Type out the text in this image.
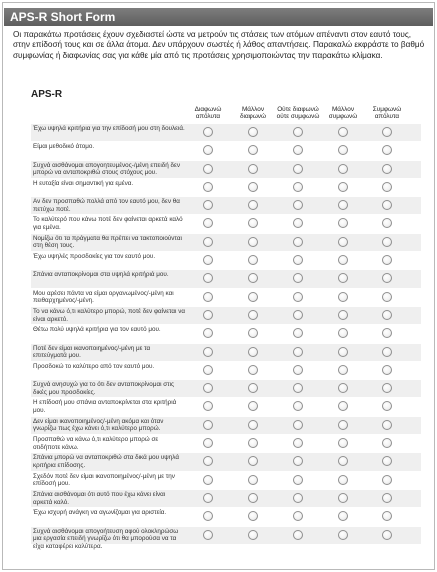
APS-R Short Form
Οι παρακάτω προτάσεις έχουν σχεδιαστεί ώστε να μετρούν τις στάσεις των ατόμων απέναντι στον εαυτό τους, στην επίδοσή τους και σε άλλα άτομα. Δεν υπάρχουν σωστές ή λάθος απαντήσεις. Παρακαλώ εκφράστε το βαθμό συμφωνίας ή διαφωνίας σας για κάθε μία από τις προτάσεις χρησιμοποιώντας την παρακάτω κλίμακα.
APS-R
Διαφωνώ απόλυτα
Μάλλον διαφωνώ
Ούτε διαφωνώ ούτε συμφωνώ
Μάλλον συμφωνώ
Συμφωνώ απόλυτα
Έχω υψηλά κριτήρια για την επίδοσή μου στη δουλειά.
Είμαι μεθοδικό άτομο.
Συχνά αισθάνομαι απογοητευμένος-/μένη επειδή δεν μπορώ να ανταποκριθώ στους στόχους μου.
Η ευταξία είναι σημαντική για εμένα.
Αν δεν προσπαθώ πολλά από τον εαυτό μου, δεν θα πετύχω ποτέ.
Το καλύτερό που κάνω ποτέ δεν φαίνεται αρκετά καλό για εμένα.
Νομίζω ότι τα πράγματα θα πρέπει να τακτοποιούνται στη θέση τους.
Έχω υψηλές προσδοκίες για τον εαυτό μου.
Σπάνια ανταποκρίνομαι στα υψηλά κριτήριά μου.
Μου αρέσει πάντα να είμαι οργανωμένος/-μένη και πειθαρχημένος/-μένη.
Το να κάνω ό,τι καλύτερο μπορώ, ποτέ δεν φαίνεται να είναι αρκετό.
Θέτω πολύ υψηλά κριτήρια για τον εαυτό μου.
Ποτέ δεν είμαι ικανοποιημένος/-μένη με τα επιτεύγματά μου.
Προσδοκώ το καλύτερο από τον εαυτό μου.
Συχνά ανησυχώ για το ότι δεν ανταποκρίνομαι στις δικές μου προσδοκίες.
Η επίδοσή μου σπάνια ανταποκρίνεται στα κριτήριά μου.
Δεν είμαι ικανοποιημένος/-μένη ακόμα και όταν γνωρίζω πως έχω κάνει ό,τι καλύτερο μπορώ.
Προσπαθώ να κάνω ό,τι καλύτερο μπορώ σε οτιδήποτε κάνω.
Σπάνια μπορώ να ανταποκριθώ στα δικά μου υψηλά κριτήρια επίδοσης.
Σχεδόν ποτέ δεν είμαι ικανοποιημένος/-μένη με την επίδοσή μου.
Σπάνια αισθάνομαι ότι αυτό που έχω κάνει είναι αρκετά καλό.
Έχω ισχυρή ανάγκη να αγωνίζομαι για αριστεία.
Συχνά αισθάνομαι απογοήτευση αφού ολοκληρώσω μια εργασία επειδή γνωρίζω ότι θα μπορούσα να τα είχα καταφέρει καλύτερα.
